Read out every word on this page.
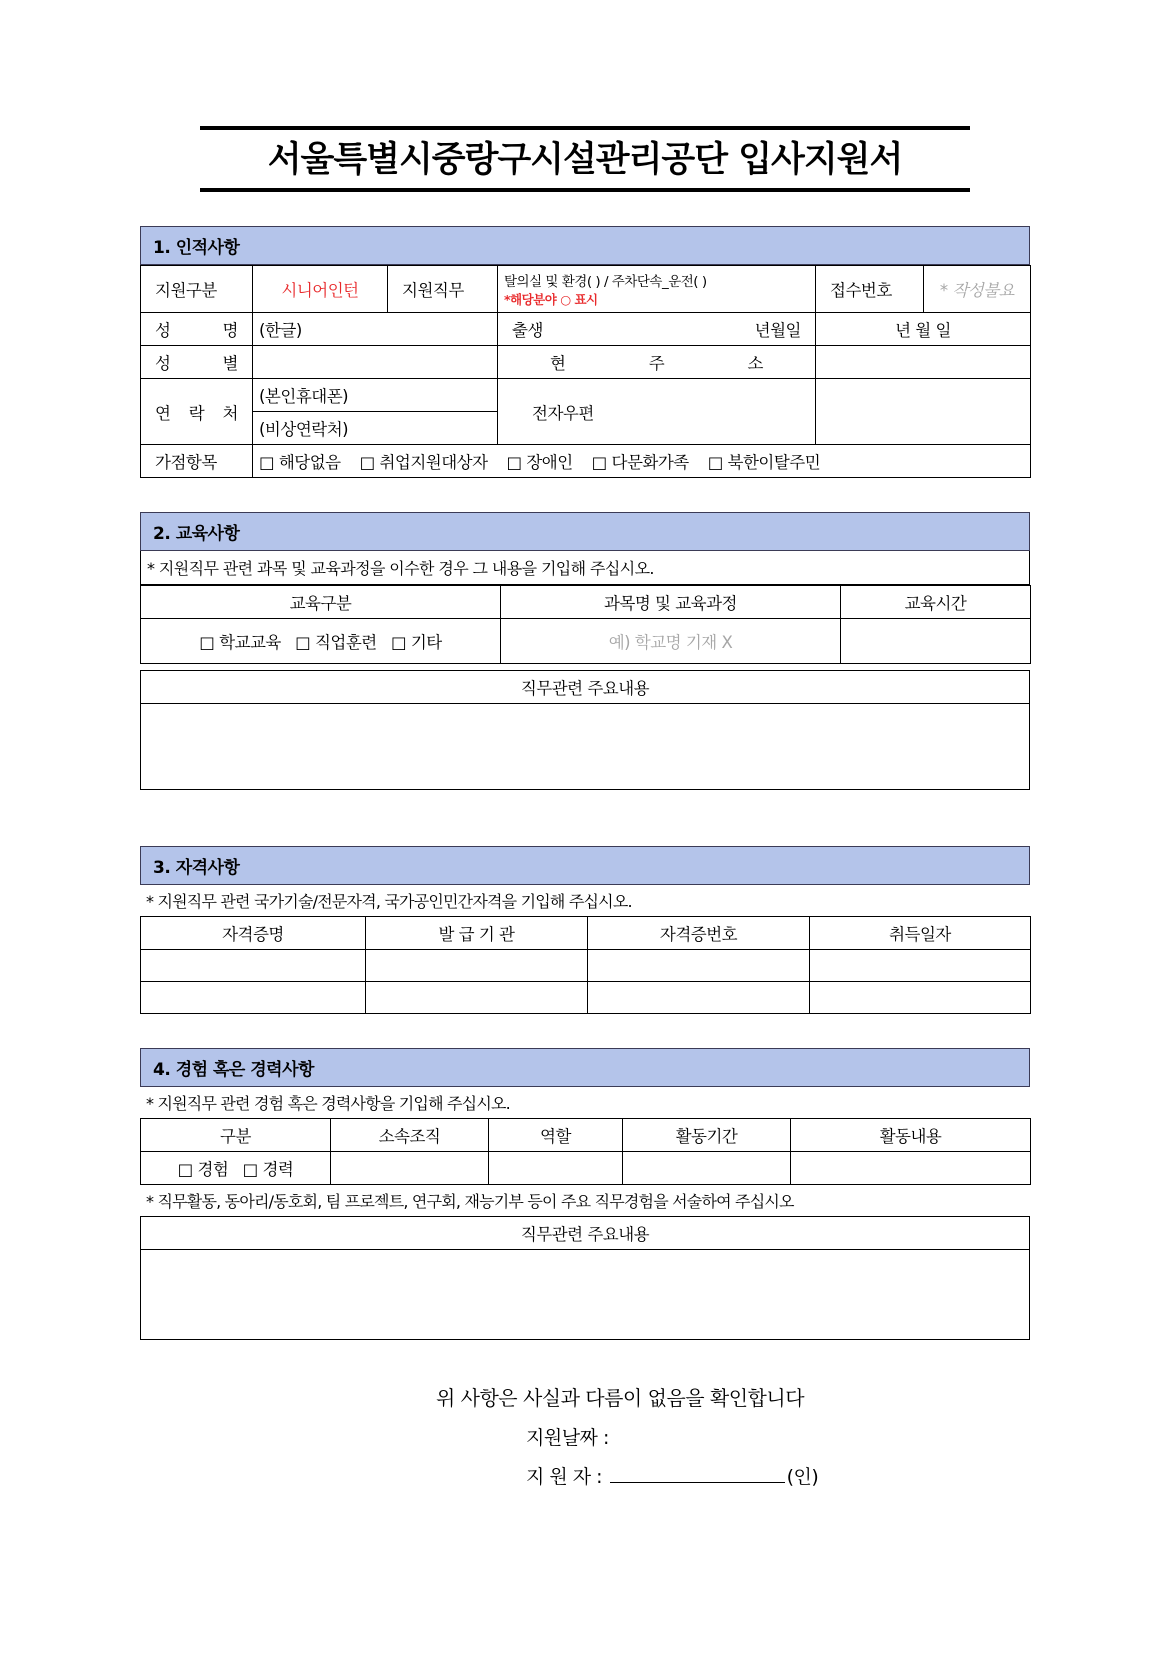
서울특별시중랑구시설관리공단 입사지원서
1. 인적사항
지원구분	시니어인턴	지원직무	탈의실 및 환경( ) / 주차단속_운전( )
*해당분야 ○ 표시	접수번호	* 작성불요
성 명	(한글)		출생 년월일	년 월 일	
성 별			현 주 소		
연 락 처	(본인휴대폰)
(비상연락처)		전자우편		
가점항목	□ 해당없음 □ 취업지원대상자 □ 장애인 □ 다문화가족 □ 북한이탈주민				
2. 교육사항
* 지원직무 관련 과목 및 교육과정을 이수한 경우 그 내용을 기입해 주십시오.
교육구분	과목명 및 교육과정	교육시간
□ 학교교육 □ 직업훈련 □ 기타	예) 학교명 기재 X	
직무관련 주요내용

3. 자격사항
* 지원직무 관련 국가기술/전문자격, 국가공인민간자격을 기입해 주십시오.
자격증명	발 급 기 관	자격증번호	취득일자

4. 경험 혹은 경력사항
* 지원직무 관련 경험 혹은 경력사항을 기입해 주십시오.
구분	소속조직	역할	활동기간	활동내용
□ 경험 □ 경력				
* 직무활동, 동아리/동호회, 팀 프로젝트, 연구회, 재능기부 등이 주요 직무경험을 서술하여 주십시오
직무관련 주요내용

위 사항은 사실과 다름이 없음을 확인합니다
지원날짜 :
지 원 자 :	(인)
